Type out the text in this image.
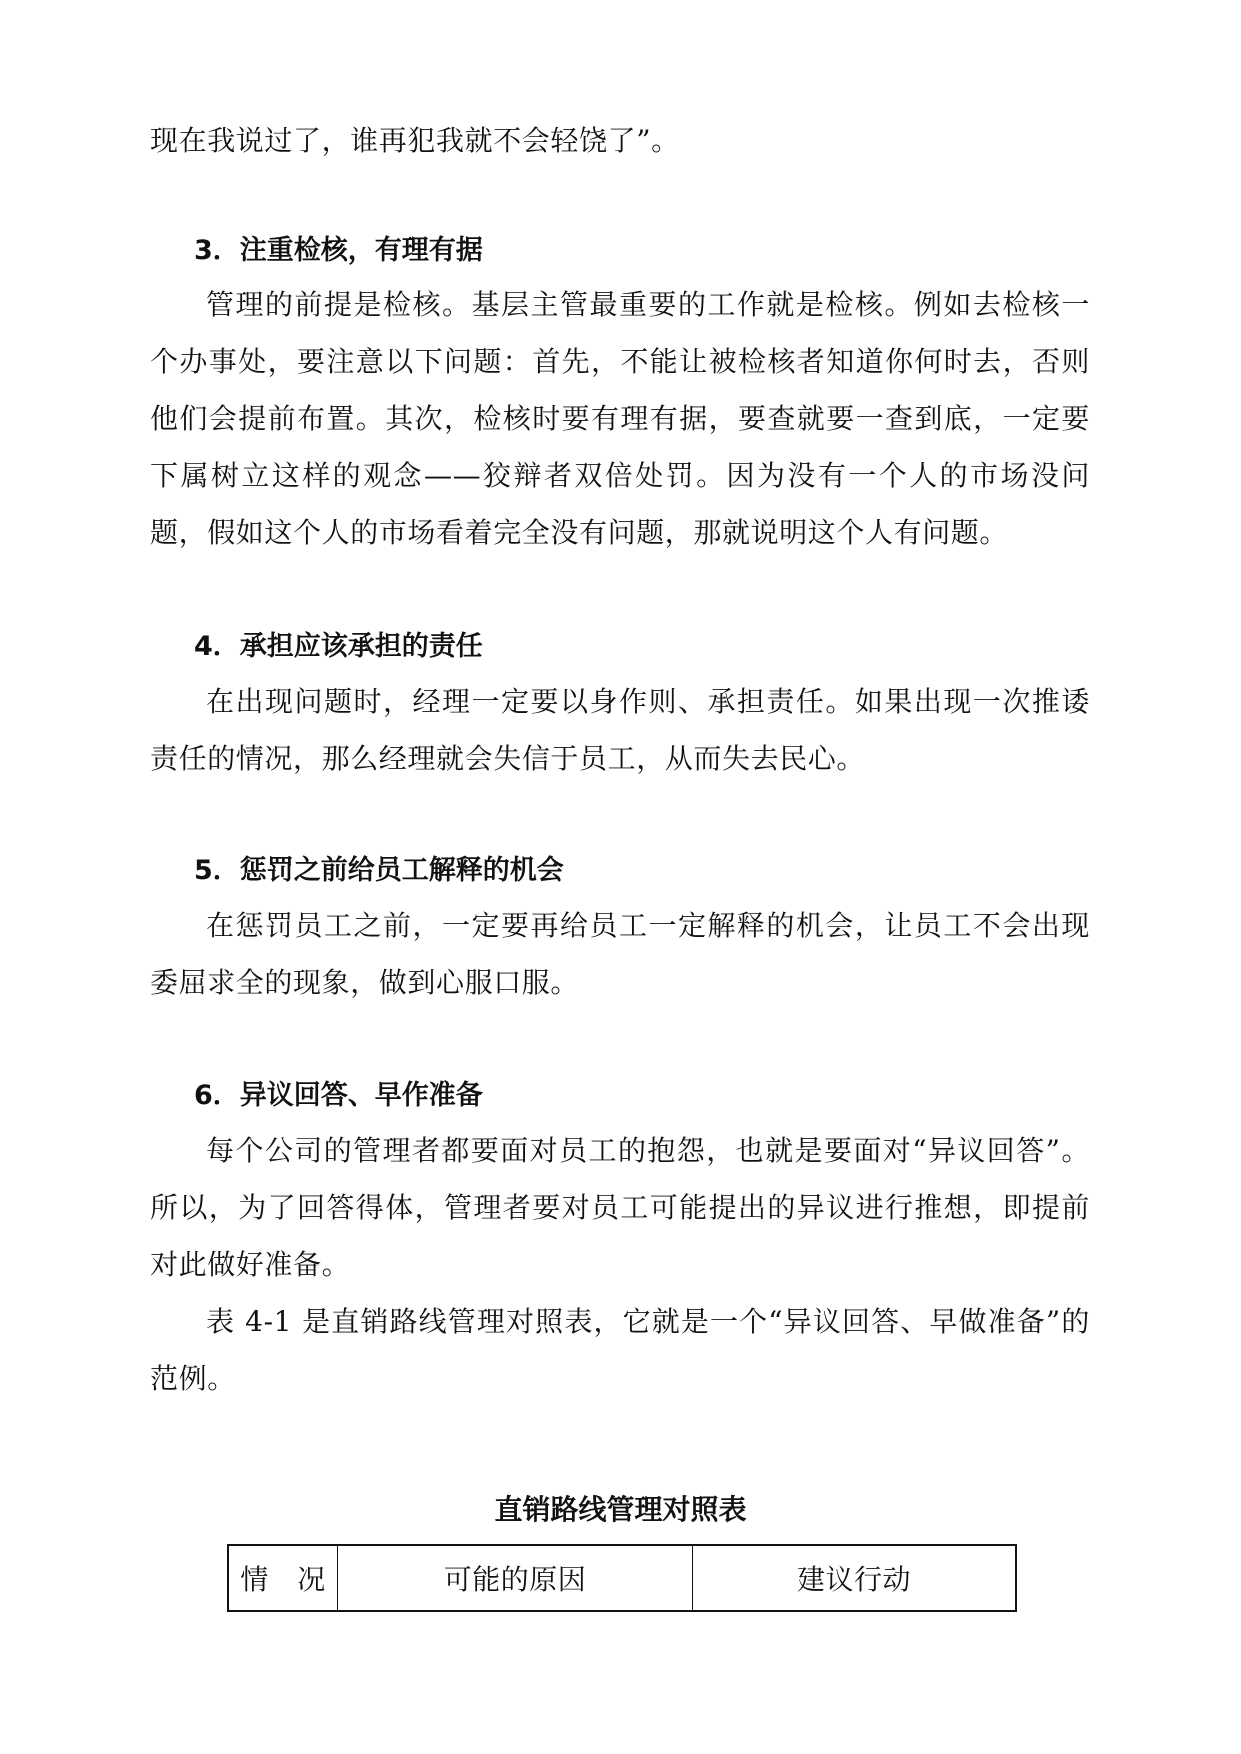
现在我说过了，谁再犯我就不会轻饶了”。

3．注重检核，有理有据

管理的前提是检核。基层主管最重要的工作就是检核。例如去检核一个办事处，要注意以下问题：首先，不能让被检核者知道你何时去，否则他们会提前布置。其次，检核时要有理有据，要查就要一查到底，一定要下属树立这样的观念——狡辩者双倍处罚。因为没有一个人的市场没问题，假如这个人的市场看着完全没有问题，那就说明这个人有问题。

4．承担应该承担的责任

在出现问题时，经理一定要以身作则、承担责任。如果出现一次推诿责任的情况，那么经理就会失信于员工，从而失去民心。

5．惩罚之前给员工解释的机会

在惩罚员工之前，一定要再给员工一定解释的机会，让员工不会出现委屈求全的现象，做到心服口服。

6．异议回答、早作准备

每个公司的管理者都要面对员工的抱怨，也就是要面对“异议回答”。所以，为了回答得体，管理者要对员工可能提出的异议进行推想，即提前对此做好准备。

表 4-1 是直销路线管理对照表，它就是一个“异议回答、早做准备”的范例。

直销路线管理对照表
情　况	可能的原因	建议行动
